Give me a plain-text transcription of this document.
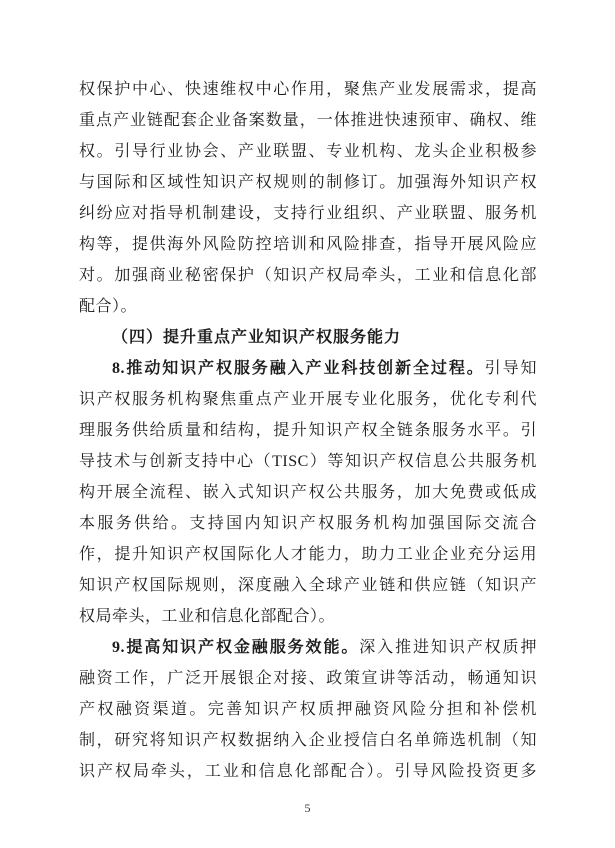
权保护中心、快速维权中心作用，聚焦产业发展需求，提高
重点产业链配套企业备案数量，一体推进快速预审、确权、维
权。引导行业协会、产业联盟、专业机构、龙头企业积极参
与国际和区域性知识产权规则的制修订。加强海外知识产权
纠纷应对指导机制建设，支持行业组织、产业联盟、服务机
构等，提供海外风险防控培训和风险排查，指导开展风险应
对。加强商业秘密保护（知识产权局牵头，工业和信息化部
配合）。
（四）提升重点产业知识产权服务能力
8.推动知识产权服务融入产业科技创新全过程。引导知
识产权服务机构聚焦重点产业开展专业化服务，优化专利代
理服务供给质量和结构，提升知识产权全链条服务水平。引
导技术与创新支持中心（TISC）等知识产权信息公共服务机
构开展全流程、嵌入式知识产权公共服务，加大免费或低成
本服务供给。支持国内知识产权服务机构加强国际交流合
作，提升知识产权国际化人才能力，助力工业企业充分运用
知识产权国际规则，深度融入全球产业链和供应链（知识产
权局牵头，工业和信息化部配合）。
9.提高知识产权金融服务效能。深入推进知识产权质押
融资工作，广泛开展银企对接、政策宣讲等活动，畅通知识
产权融资渠道。完善知识产权质押融资风险分担和补偿机
制，研究将知识产权数据纳入企业授信白名单筛选机制（知
识产权局牵头，工业和信息化部配合）。引导风险投资更多
5
